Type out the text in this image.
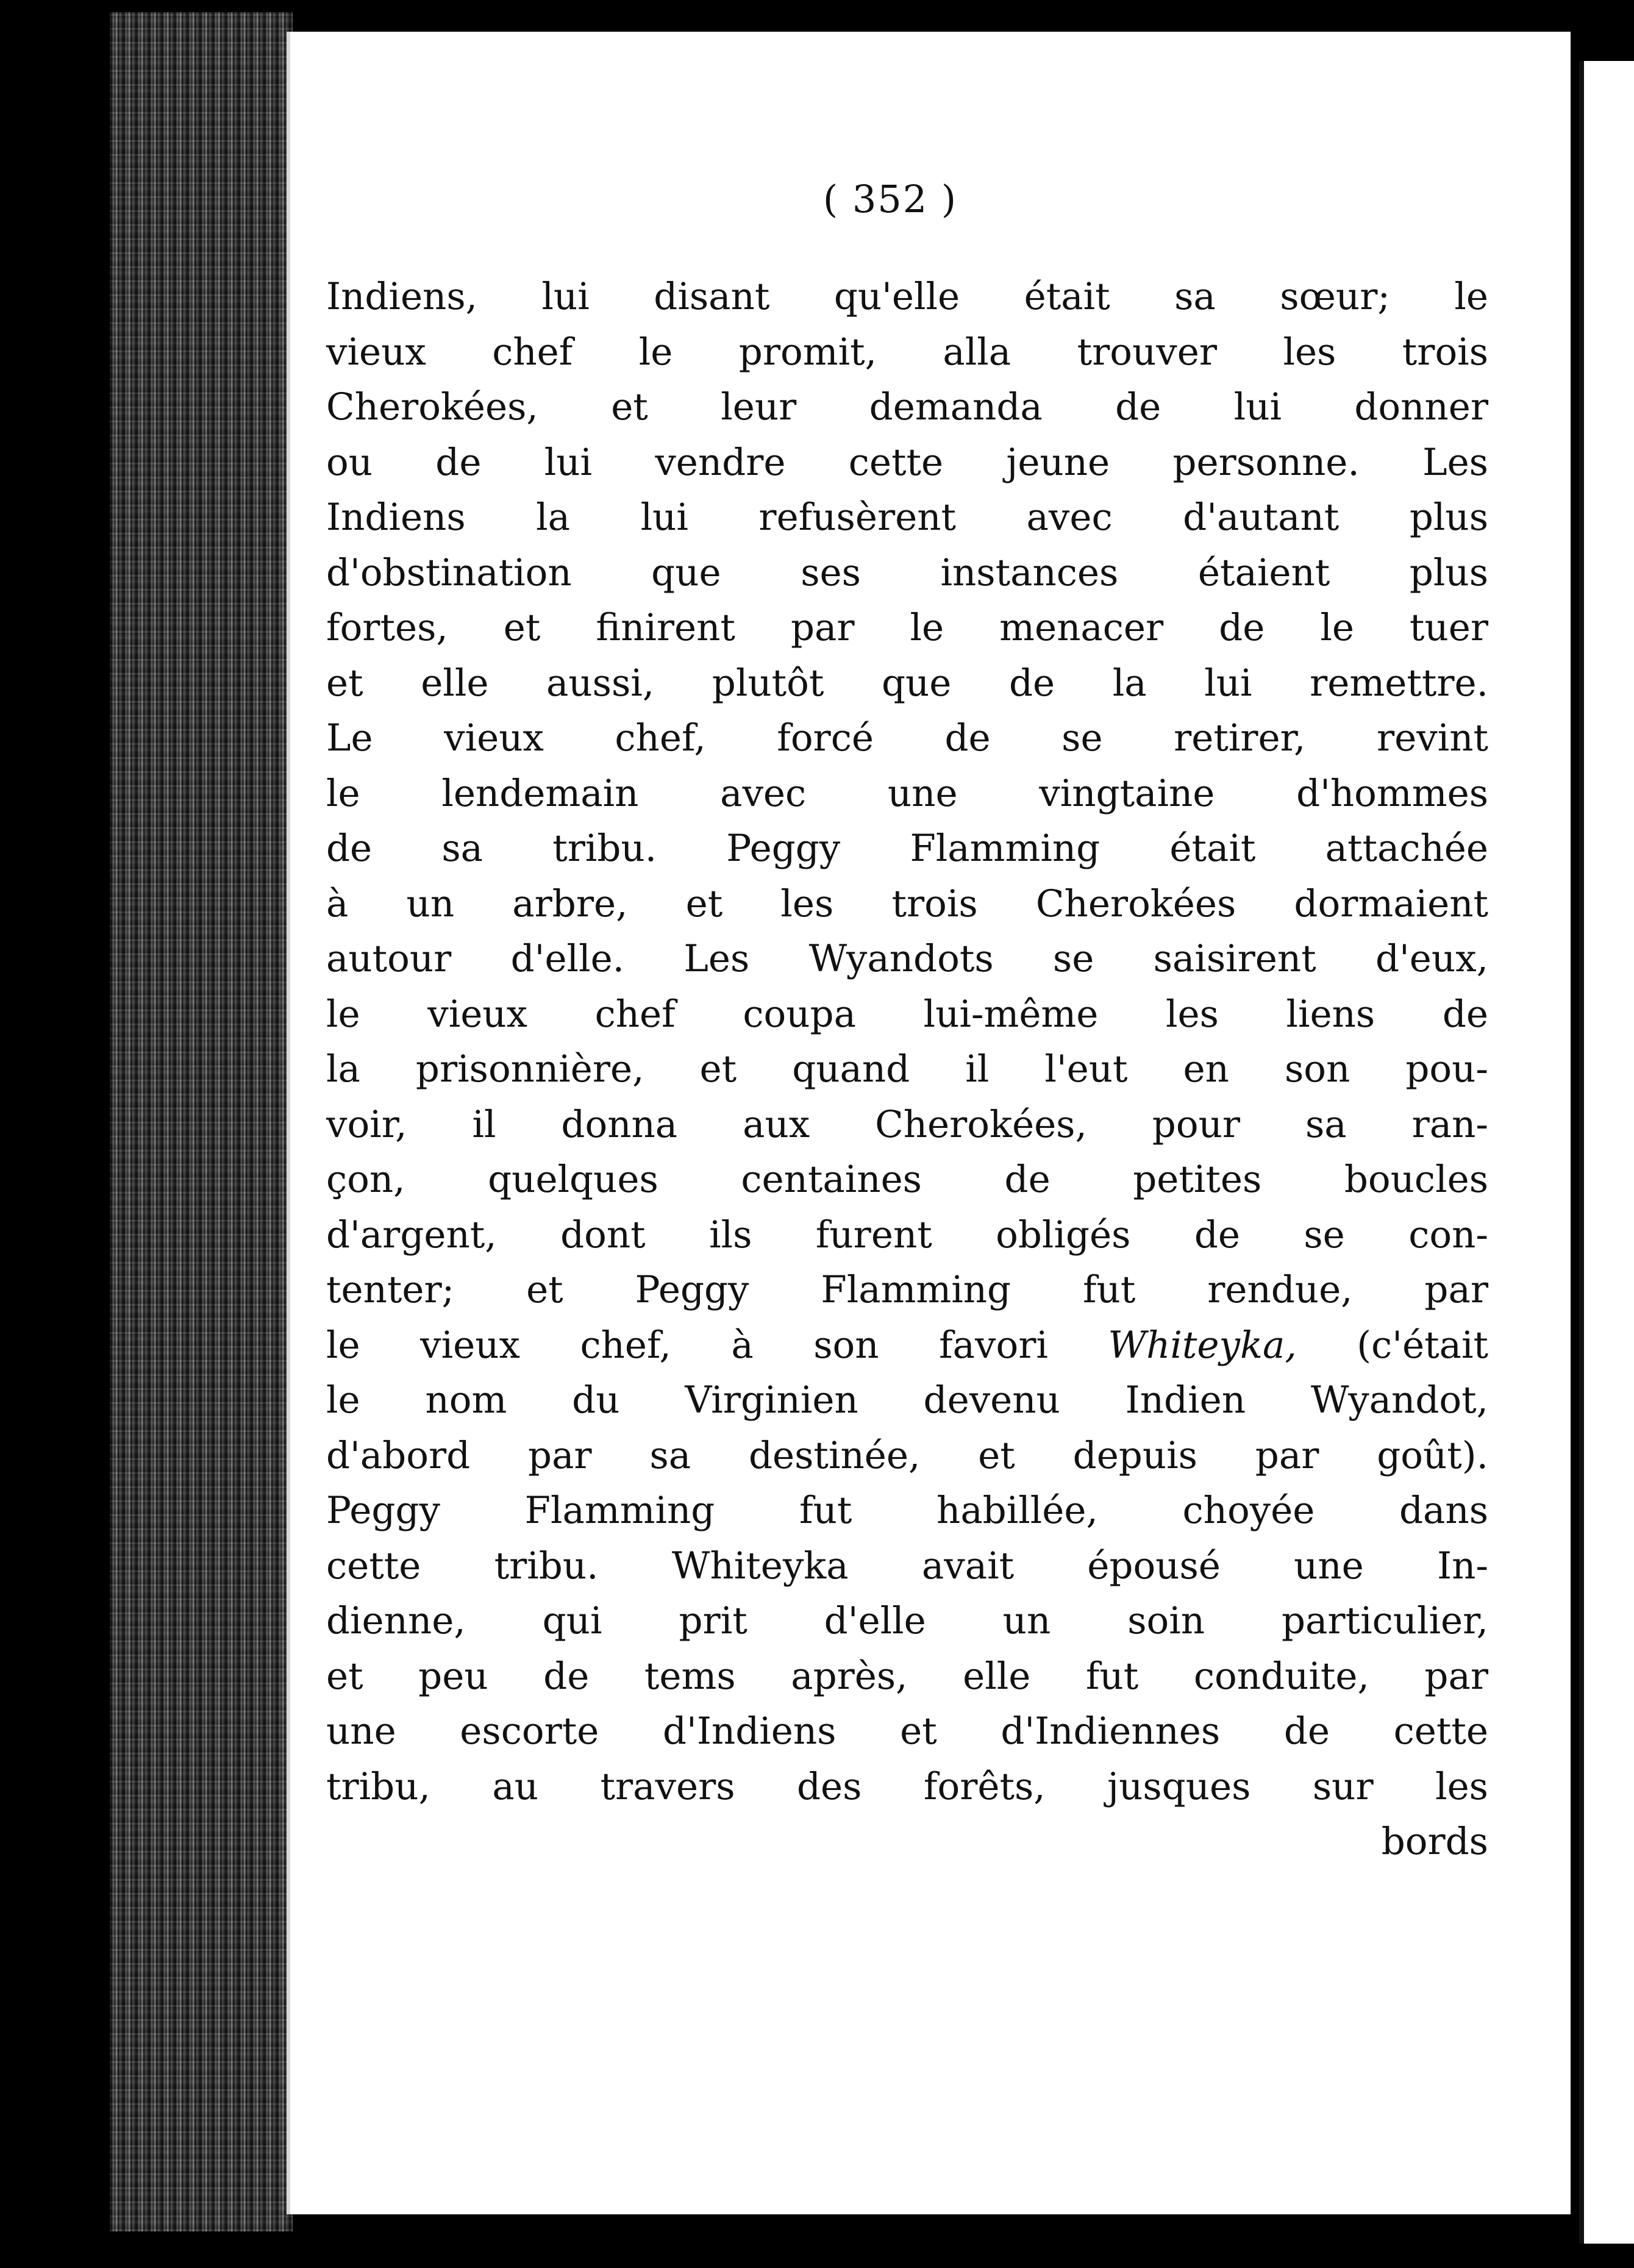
( 352 )
Indiens, lui disant qu'elle était sa sœur; le
vieux chef le promit, alla trouver les trois
Cherokées, et leur demanda de lui donner
ou de lui vendre cette jeune personne. Les
Indiens la lui refusèrent avec d'autant plus
d'obstination que ses instances étaient plus
fortes, et finirent par le menacer de le tuer
et elle aussi, plutôt que de la lui remettre.
Le vieux chef, forcé de se retirer, revint
le lendemain avec une vingtaine d'hommes
de sa tribu. Peggy Flamming était attachée
à un arbre, et les trois Cherokées dormaient
autour d'elle. Les Wyandots se saisirent d'eux,
le vieux chef coupa lui-même les liens de
la prisonnière, et quand il l'eut en son pou-
voir, il donna aux Cherokées, pour sa ran-
çon, quelques centaines de petites boucles
d'argent, dont ils furent obligés de se con-
tenter; et Peggy Flamming fut rendue, par
le vieux chef, à son favori Whiteyka, (c'était
le nom du Virginien devenu Indien Wyandot,
d'abord par sa destinée, et depuis par goût).
Peggy Flamming fut habillée, choyée dans
cette tribu. Whiteyka avait épousé une In-
dienne, qui prit d'elle un soin particulier,
et peu de tems après, elle fut conduite, par
une escorte d'Indiens et d'Indiennes de cette
tribu, au travers des forêts, jusques sur les
bords
